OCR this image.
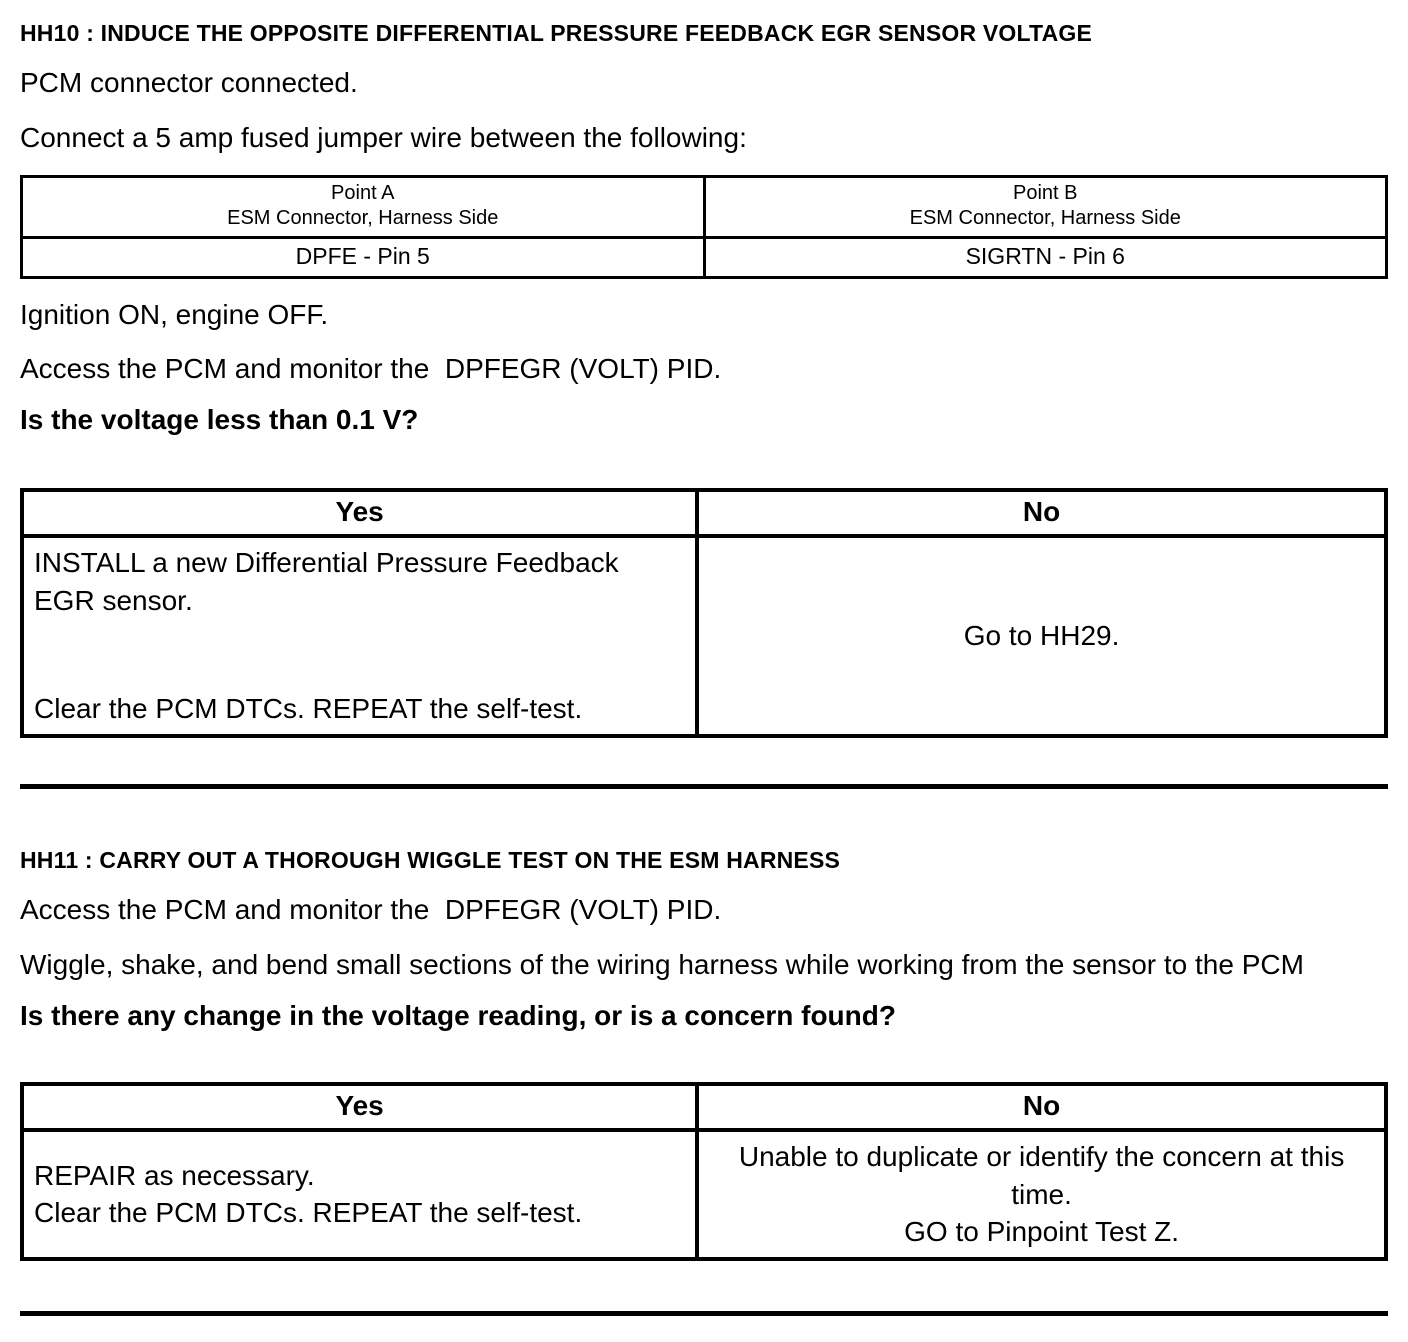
HH10 : INDUCE THE OPPOSITE DIFFERENTIAL PRESSURE FEEDBACK EGR SENSOR VOLTAGE
PCM connector connected.
Connect a 5 amp fused jumper wire between the following:
Point A
ESM Connector, Harness Side

Point B
ESM Connector, Harness Side

DPFE - Pin 5	SIGRTN - Pin 6
Ignition ON, engine OFF.
Access the PCM and monitor the  DPFEGR (VOLT) PID.
Is the voltage less than 0.1 V?
Yes	No

INSTALL a new Differential Pressure Feedback EGR sensor.
Clear the PCM DTCs. REPEAT the self-test.	Go to HH29.
HH11 : CARRY OUT A THOROUGH WIGGLE TEST ON THE ESM HARNESS
Access the PCM and monitor the  DPFEGR (VOLT) PID.
Wiggle, shake, and bend small sections of the wiring harness while working from the sensor to the PCM
Is there any change in the voltage reading, or is a concern found?
Yes	No

REPAIR as necessary.
Clear the PCM DTCs. REPEAT the self-test.

Unable to duplicate or identify the concern at this time.
GO to Pinpoint Test Z.
